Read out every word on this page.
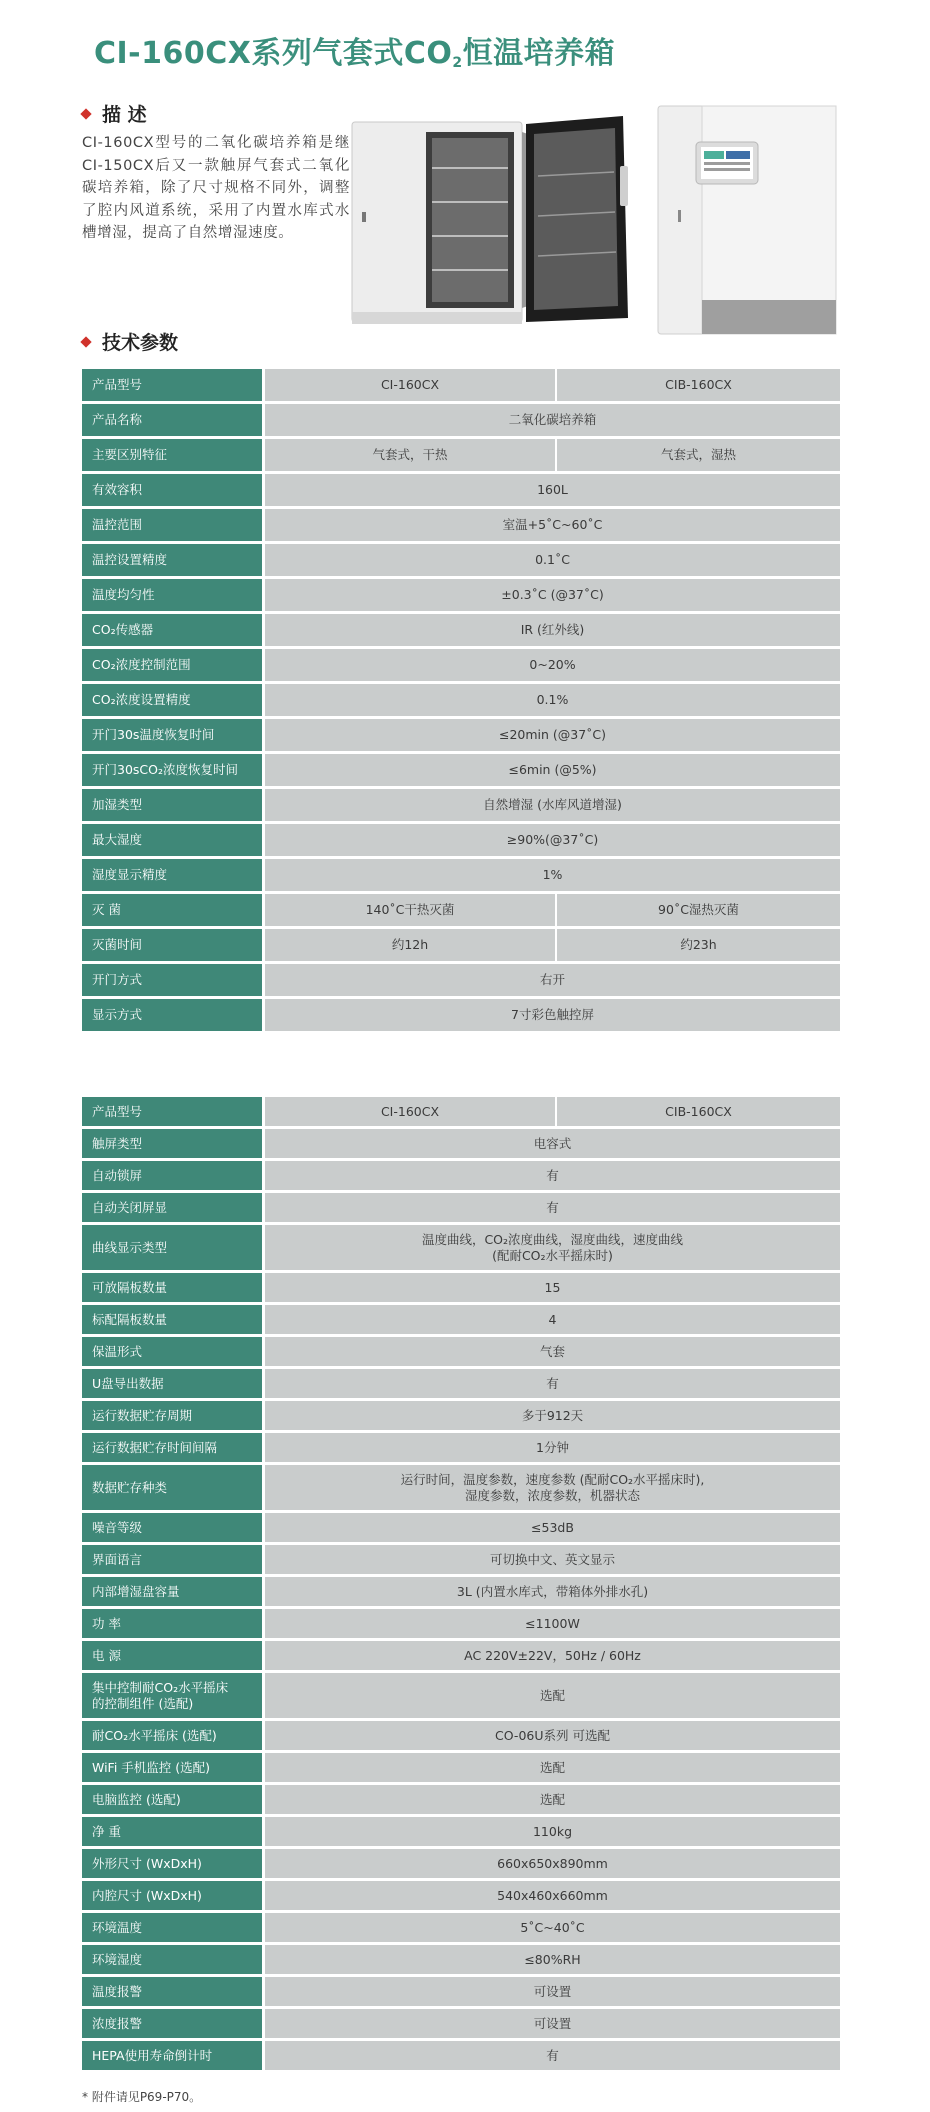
CI-160CX系列气套式$CO_2$恒温培养箱
描 述
CI-160CX型号的二氧化碳培养箱是继CI-150CX后又一款触屏气套式二氧化碳培养箱，除了尺寸规格不同外，调整了腔内风道系统，采用了内置水库式水槽增湿，提高了自然增湿速度。
技术参数
产品型号	CI-160CX	CIB-160CX
产品名称	二氧化碳培养箱	
主要区别特征	气套式，干热	气套式，湿热
有效容积	160L	
温控范围	室温+5˚C~60˚C	
温控设置精度	0.1˚C	
温度均匀性	±0.3˚C (@37˚C)	
CO₂传感器	IR (红外线)	
CO₂浓度控制范围	0~20%	
CO₂浓度设置精度	0.1%	
开门30s温度恢复时间	≤20min (@37˚C)	
开门30sCO₂浓度恢复时间	≤6min (@5%)	
加湿类型	自然增湿 (水库风道增湿)	
最大湿度	≥90%(@37˚C)	
湿度显示精度	1%	
灭 菌	140˚C干热灭菌	90˚C湿热灭菌
灭菌时间	约12h	约23h
开门方式	右开	
显示方式	7寸彩色触控屏	
产品型号	CI-160CX	CIB-160CX
触屏类型	电容式	
自动锁屏	有	
自动关闭屏显	有	
曲线显示类型	温度曲线，CO₂浓度曲线，湿度曲线，速度曲线
(配耐CO₂水平摇床时)	
可放隔板数量	15	
标配隔板数量	4	
保温形式	气套	
U盘导出数据	有	
运行数据贮存周期	多于912天	
运行数据贮存时间间隔	1分钟	
数据贮存种类	运行时间，温度参数，速度参数 (配耐CO₂水平摇床时),
湿度参数，浓度参数，机器状态	
噪音等级	≤53dB	
界面语言	可切换中文、英文显示	
内部增湿盘容量	3L (内置水库式，带箱体外排水孔)	
功 率	≤1100W	
电 源	AC 220V±22V，50Hz / 60Hz	
集中控制耐CO₂水平摇床
的控制组件 (选配)	选配	
耐CO₂水平摇床 (选配)	CO-06U系列 可选配	
WiFi 手机监控 (选配)	选配	
电脑监控 (选配)	选配	
净 重	110kg	
外形尺寸 (WxDxH)	660x650x890mm	
内腔尺寸 (WxDxH)	540x460x660mm	
环境温度	5˚C~40˚C	
环境湿度	≤80%RH	
温度报警	可设置	
浓度报警	可设置	
HEPA使用寿命倒计时	有	
* 附件请见P69-P70。
